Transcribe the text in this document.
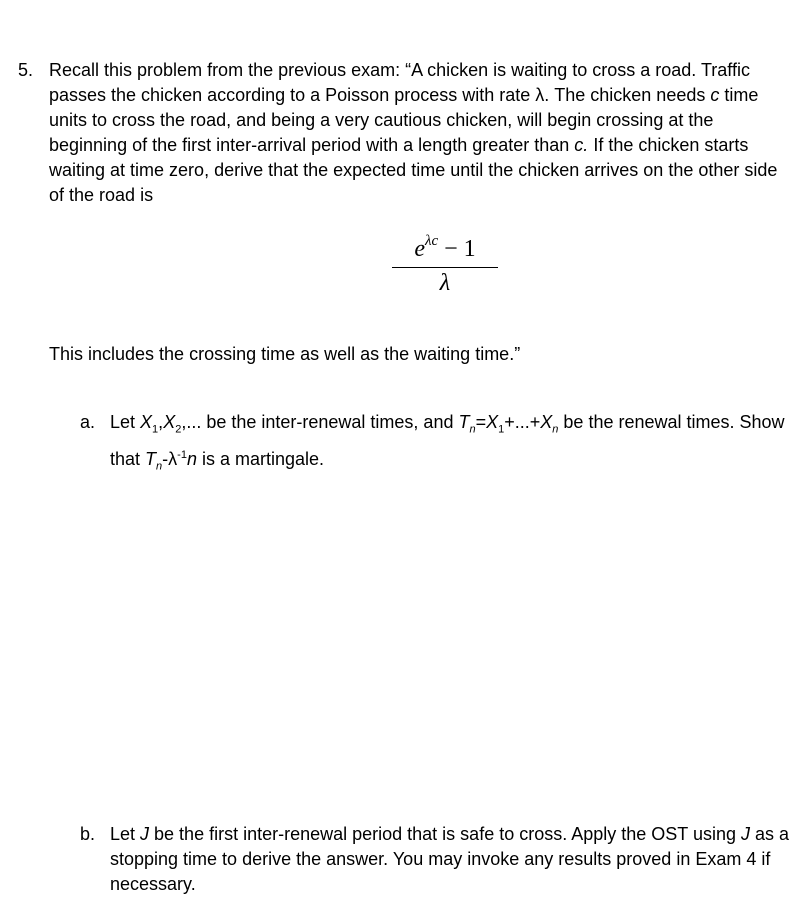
5. Recall this problem from the previous exam: “A chicken is waiting to cross a road. Traffic passes the chicken according to a Poisson process with rate λ. The chicken needs c time units to cross the road, and being a very cautious chicken, will begin crossing at the beginning of the first inter-arrival period with a length greater than c. If the chicken starts waiting at time zero, derive that the expected time until the chicken arrives on the other side of the road is
$e^{\lambda c} - 1$
λ
This includes the crossing time as well as the waiting time.”
a. Let $X_1,X_2$,... be the inter-renewal times, and $T_n=X_1+...+X_n$ be the renewal times. Show that $T_n-\lambda^{-1}n$ is a martingale.
b. Let J be the first inter-renewal period that is safe to cross. Apply the OST using J as a stopping time to derive the answer. You may invoke any results proved in Exam 4 if necessary.
